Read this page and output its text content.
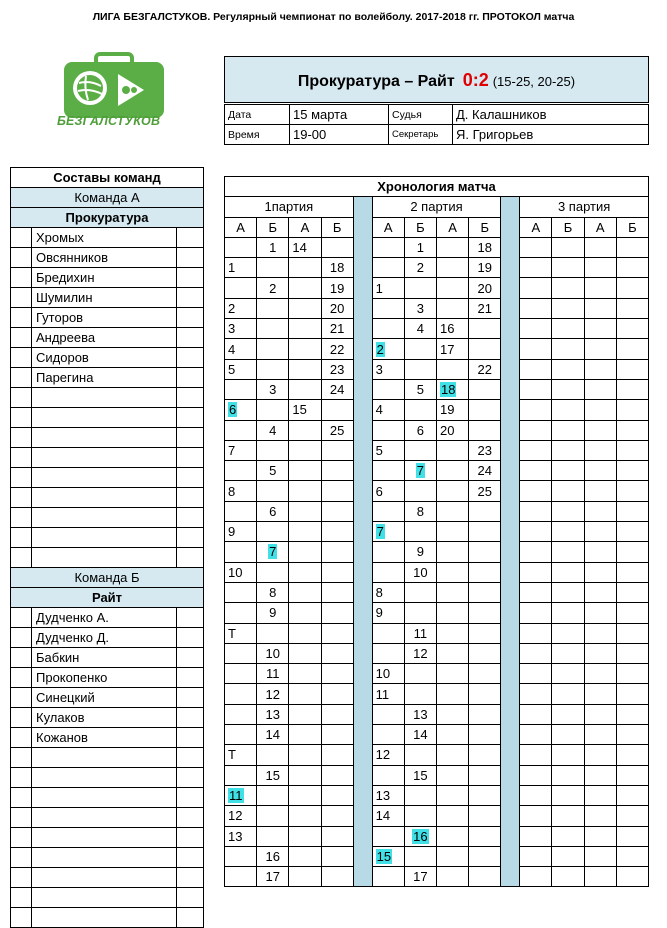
ЛИГА БЕЗГАЛСТУКОВ. Регулярный чемпионат по волейболу. 2017-2018 гг. ПРОТОКОЛ матча
БЕЗГАЛСТУКОВ
Прокуратура – Райт 0:2 (15-25, 20-25)
Дата	15 марта	Судья	Д. Калашников
Время	19-00	Секретарь	Я. Григорьев
Составы команд		
Команда А		
Прокуратура		
	Хромых	
	Овсянников	
	Бредихин	
	Шумилин	
	Гуторов	
	Андреева	
	Сидоров	
	Парегина	

Команда Б		
Райт		
	Дудченко А.	
	Дудченко Д.	
	Бабкин	
	Прокопенко	
	Синецкий	
	Кулаков	
	Кожанов	

Хронология матча													
1партия					2 партия					3 партия			
А	Б	А	Б		А	Б	А	Б		А	Б	А	Б
	1	14				1		18					
1			18			2		19					
	2		19		1			20					
2			20			3		21					
3			21			4	16						
4			22		2		17						
5			23		3			22					
	3		24			5	18						
6		15			4		19						
	4		25			6	20						
7					5			23					
	5					7		24					
8					6			25					
	6					8							
9					7								
	7					9							
10						10							
	8				8								
	9				9								
Т						11							
	10					12							
	11				10								
	12				11								
	13					13							
	14					14							
Т					12								
	15					15							
11					13								
12					14								
13						16							
	16				15								
	17					17							
